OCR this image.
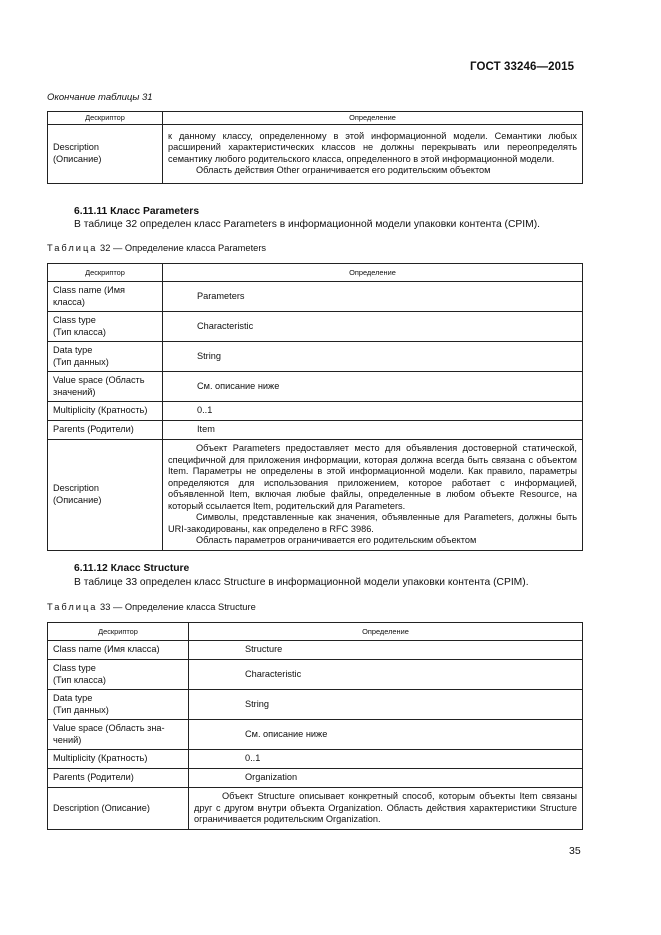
ГОСТ 33246—2015
Окончание таблицы 31
Дескриптор	Определение
Description
(Описание)	к данному классу, определенному в этой информационной модели. Семантики любых расширений характеристических классов не должны перекрывать или переопределять семантику любого родительского класса, определенного в этой информационной модели.
Область действия Other ограничивается его родительским объектом
6.11.11 Класс Parameters
В таблице 32 определен класс Parameters в информационной модели упаковки контента (CPIM).
Таблица 32 — Определение класса Parameters
Дескриптор	Определение
Class name (Имя
класса)	Parameters
Class type
(Тип класса)	Characteristic
Data type
(Тип данных)	String
Value space (Область
значений)	См. описание ниже
Multiplicity (Кратность)	0..1
Parents (Родители)	Item
Description
(Описание)	Объект Parameters предоставляет место для объявления достоверной статической, специфичной для приложения информации, которая должна всегда быть связана с объектом Item. Параметры не определены в этой информационной модели. Как правило, параметры определяются для использования приложением, которое работает с информацией, объявленной Item, включая любые файлы, определенные в любом объекте Resource, на который ссылается Item, родительский для Parameters.
Символы, представленные как значения, объявленные для Parameters, должны быть URI-закодированы, как определено в RFC 3986.
Область параметров ограничивается его родительским объектом
6.11.12 Класс Structure
В таблице 33 определен класс Structure в информационной модели упаковки контента (CPIM).
Таблица 33 — Определение класса Structure
Дескриптор	Определение
Class name (Имя класса)	Structure
Class type
(Тип класса)	Characteristic
Data type
(Тип данных)	String
Value space (Область зна-
чений)	См. описание ниже
Multiplicity (Кратность)	0..1
Parents (Родители)	Organization
Description (Описание)	Объект Structure описывает конкретный способ, которым объекты Item связаны друг с другом внутри объекта Organization. Область действия характеристики Structure ограничивается родительским Organization.
35
